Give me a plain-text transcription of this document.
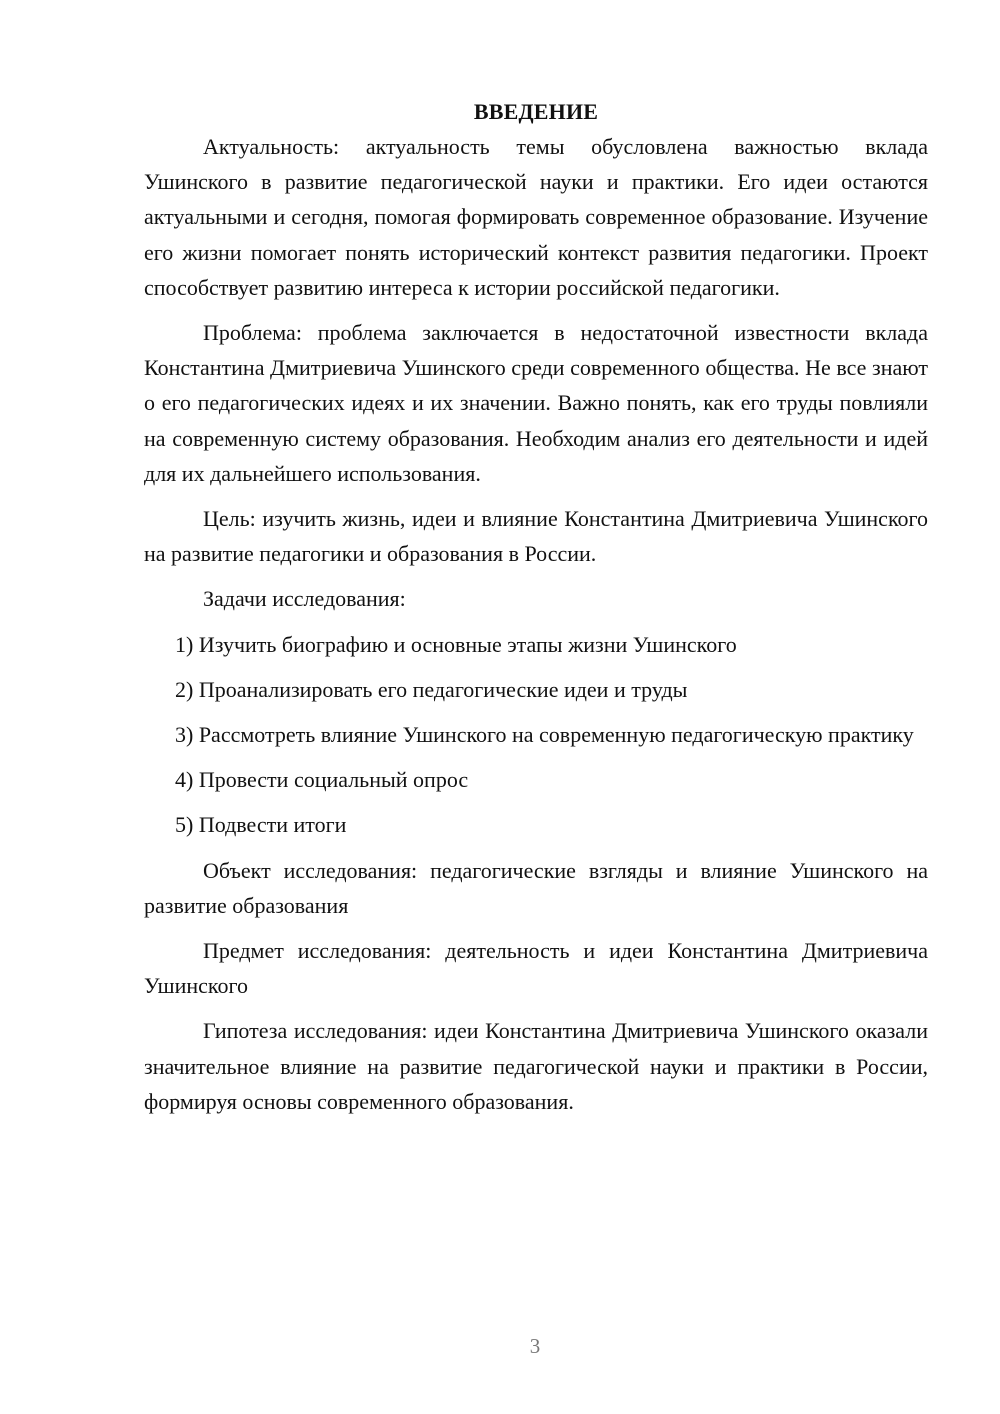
ВВЕДЕНИЕ

Актуальность: актуальность темы обусловлена важностью вклада Ушинского в развитие педагогической науки и практики. Его идеи остаются актуальными и сегодня, помогая формировать современное образование. Изучение его жизни помогает понять исторический контекст развития педагогики. Проект способствует развитию интереса к истории российской педагогики.

Проблема: проблема заключается в недостаточной известности вклада Константина Дмитриевича Ушинского среди современного общества. Не все знают о его педагогических идеях и их значении. Важно понять, как его труды повлияли на современную систему образования. Необходим анализ его деятельности и идей для их дальнейшего использования.

Цель: изучить жизнь, идеи и влияние Константина Дмитриевича Ушинского на развитие педагогики и образования в России.

Задачи исследования:

1) Изучить биографию и основные этапы жизни Ушинского

2) Проанализировать его педагогические идеи и труды

3) Рассмотреть влияние Ушинского на современную педагогическую практику

4) Провести социальный опрос

5) Подвести итоги

Объект исследования: педагогические взгляды и влияние Ушинского на развитие образования

Предмет исследования: деятельность и идеи Константина Дмитриевича Ушинского

Гипотеза исследования: идеи Константина Дмитриевича Ушинского оказали значительное влияние на развитие педагогической науки и практики в России, формируя основы современного образования.

3
